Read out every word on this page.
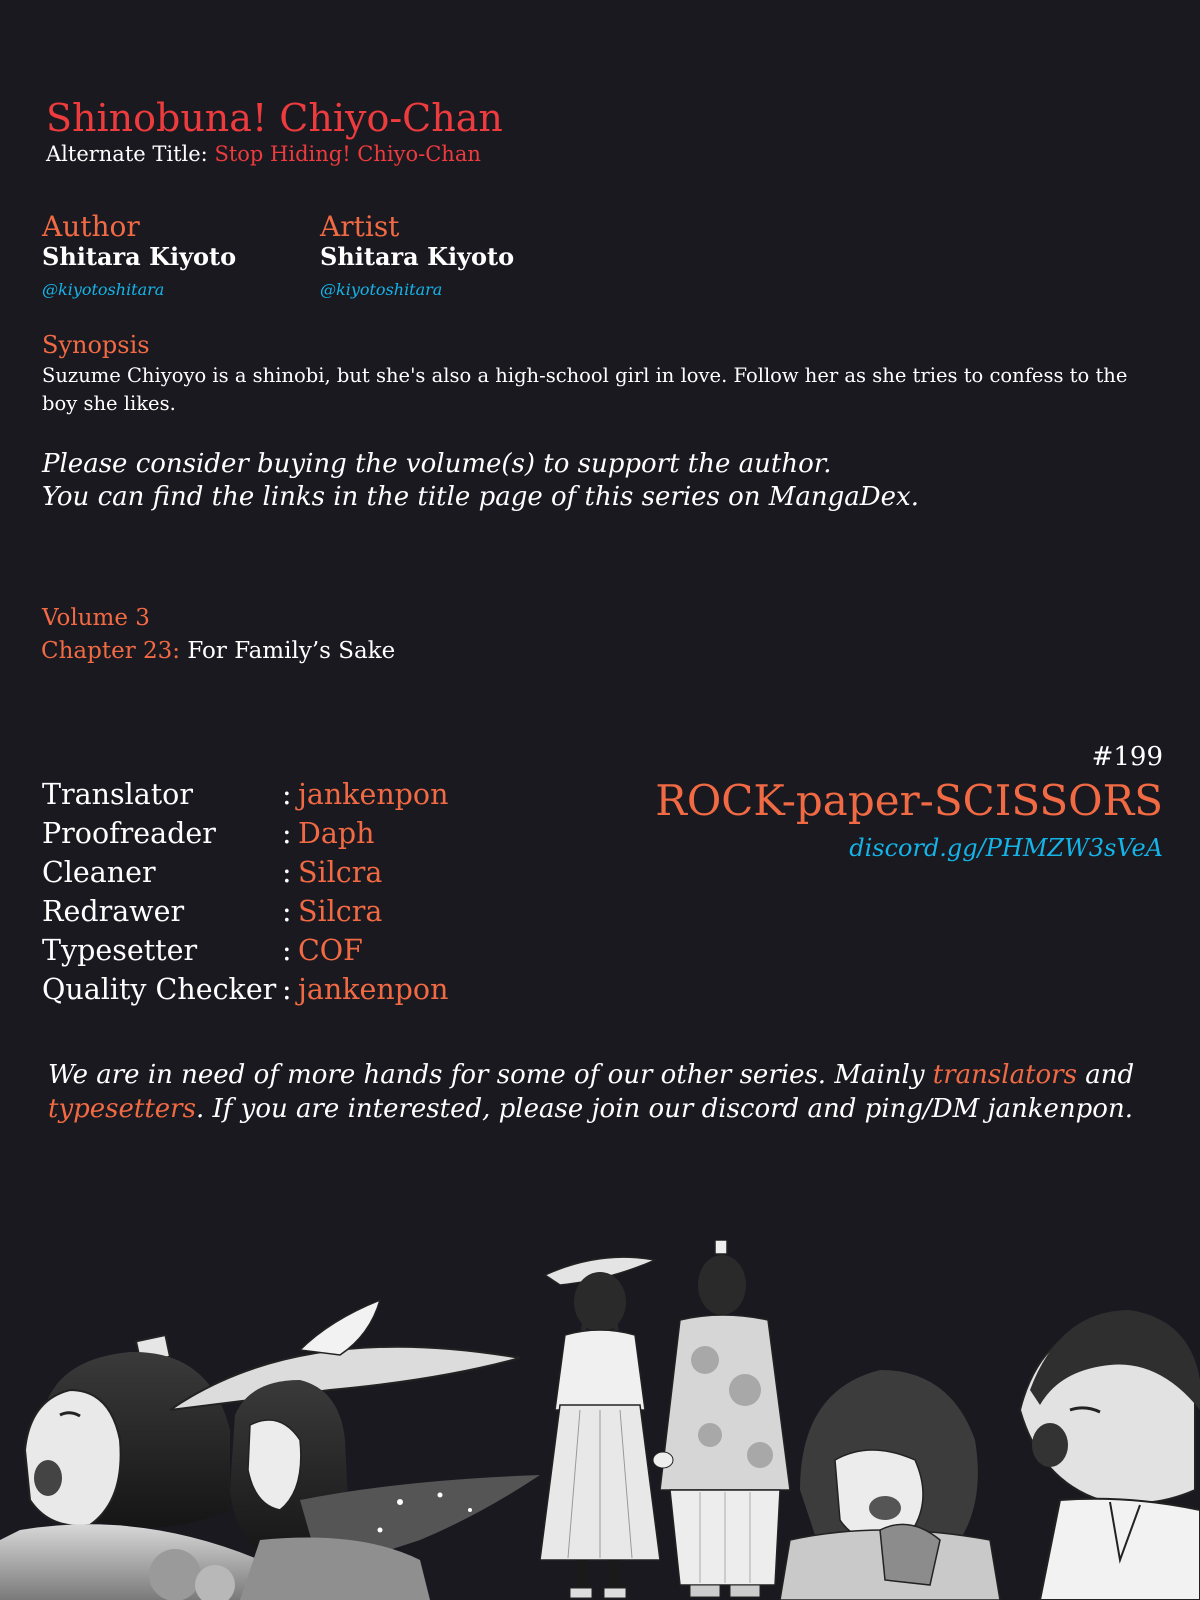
Shinobuna! Chiyo-Chan
Alternate Title: Stop Hiding! Chiyo-Chan
Author
Shitara Kiyoto
@kiyotoshitara
Artist
Shitara Kiyoto
@kiyotoshitara
Synopsis
Suzume Chiyoyo is a shinobi, but she's also a high-school girl in love. Follow her as she tries to confess to the boy she likes.
Please consider buying the volume(s) to support the author.
You can find the links in the title page of this series on MangaDex.
Volume 3
Chapter 23: For Family’s Sake
Translator	: jankenpon
Proofreader : Daph
Cleaner	: Silcra
Redrawer	: Silcra
Typesetter	: COF
Quality Checker : jankenpon
#199
ROCK-paper-SCISSORS
discord.gg/PHMZW3sVeA
We are in need of more hands for some of our other series. Mainly translators and typesetters. If you are interested, please join our discord and ping/DM jankenpon.
